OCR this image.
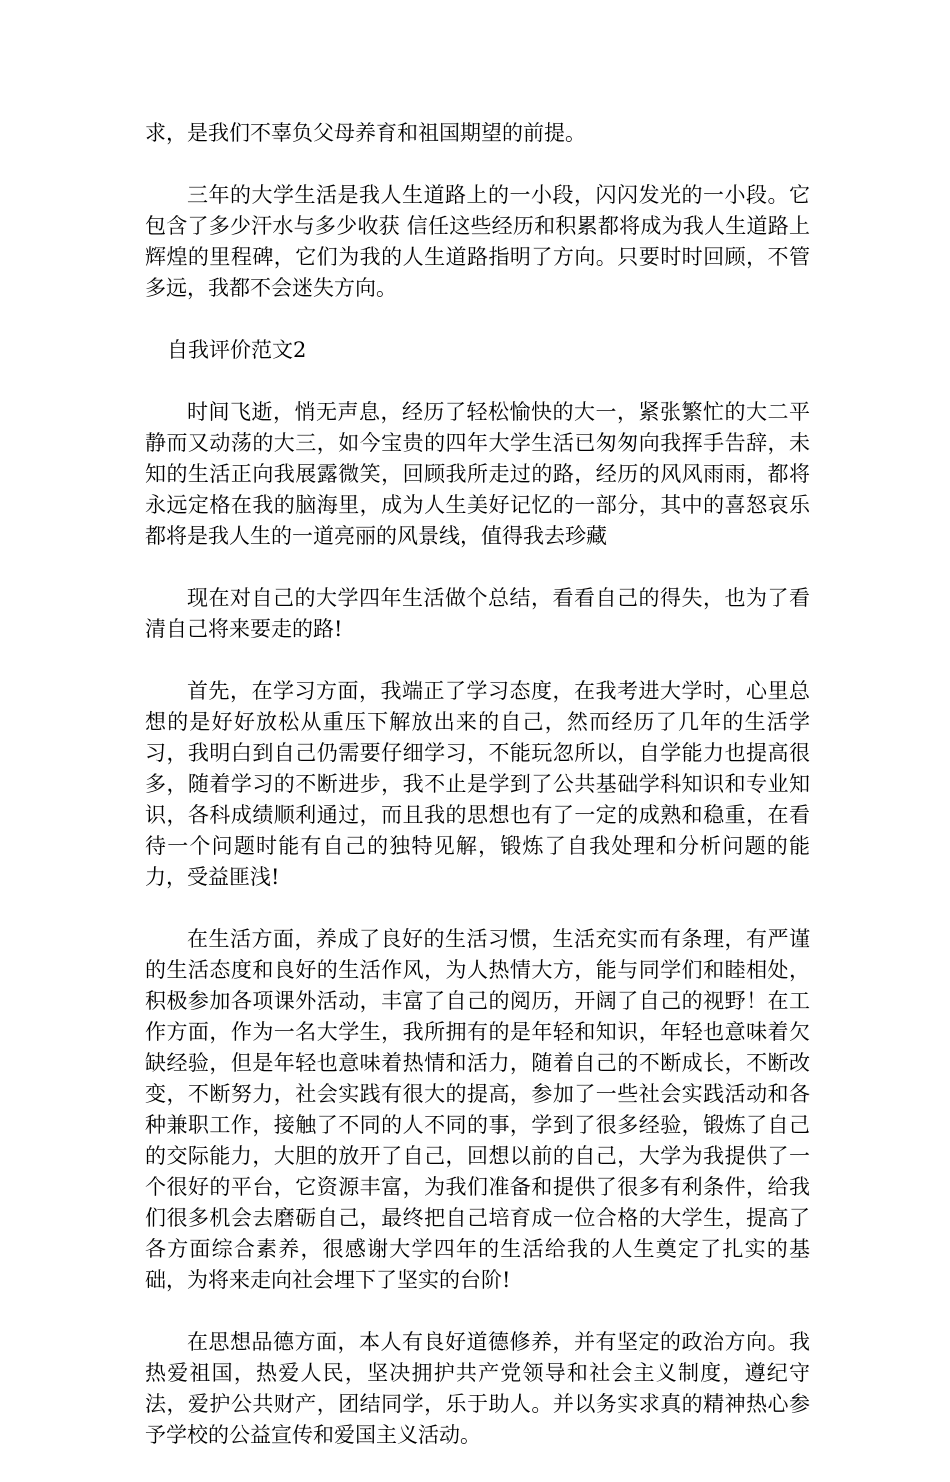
求，是我们不辜负父母养育和祖国期望的前提。

三年的大学生活是我人生道路上的一小段，闪闪发光的一小段。它包含了多少汗水与多少收获 信任这些经历和积累都将成为我人生道路上辉煌的里程碑，它们为我的人生道路指明了方向。只要时时回顾，不管多远，我都不会迷失方向。

自我评价范文2

时间飞逝，悄无声息，经历了轻松愉快的大一，紧张繁忙的大二平静而又动荡的大三，如今宝贵的四年大学生活已匆匆向我挥手告辞，未知的生活正向我展露微笑，回顾我所走过的路，经历的风风雨雨，都将永远定格在我的脑海里，成为人生美好记忆的一部分，其中的喜怒哀乐都将是我人生的一道亮丽的风景线，值得我去珍藏

现在对自己的大学四年生活做个总结，看看自己的得失，也为了看清自己将来要走的路!

首先，在学习方面，我端正了学习态度，在我考进大学时，心里总想的是好好放松从重压下解放出来的自己，然而经历了几年的生活学习，我明白到自己仍需要仔细学习，不能玩忽所以，自学能力也提高很多，随着学习的不断进步，我不止是学到了公共基础学科知识和专业知识，各科成绩顺利通过，而且我的思想也有了一定的成熟和稳重，在看待一个问题时能有自己的独特见解，锻炼了自我处理和分析问题的能力，受益匪浅!

在生活方面，养成了良好的生活习惯，生活充实而有条理，有严谨的生活态度和良好的生活作风，为人热情大方，能与同学们和睦相处，积极参加各项课外活动，丰富了自己的阅历，开阔了自己的视野！在工作方面，作为一名大学生，我所拥有的是年轻和知识，年轻也意味着欠缺经验，但是年轻也意味着热情和活力，随着自己的不断成长，不断改变，不断努力，社会实践有很大的提高，参加了一些社会实践活动和各种兼职工作，接触了不同的人不同的事，学到了很多经验，锻炼了自己的交际能力，大胆的放开了自己，回想以前的自己，大学为我提供了一个很好的平台，它资源丰富，为我们准备和提供了很多有利条件，给我们很多机会去磨砺自己，最终把自己培育成一位合格的大学生，提高了各方面综合素养，很感谢大学四年的生活给我的人生奠定了扎实的基础，为将来走向社会埋下了坚实的台阶!

在思想品德方面，本人有良好道德修养，并有坚定的政治方向。我热爱祖国，热爱人民，坚决拥护共产党领导和社会主义制度，遵纪守法，爱护公共财产，团结同学，乐于助人。并以务实求真的精神热心参予学校的公益宣传和爱国主义活动。
